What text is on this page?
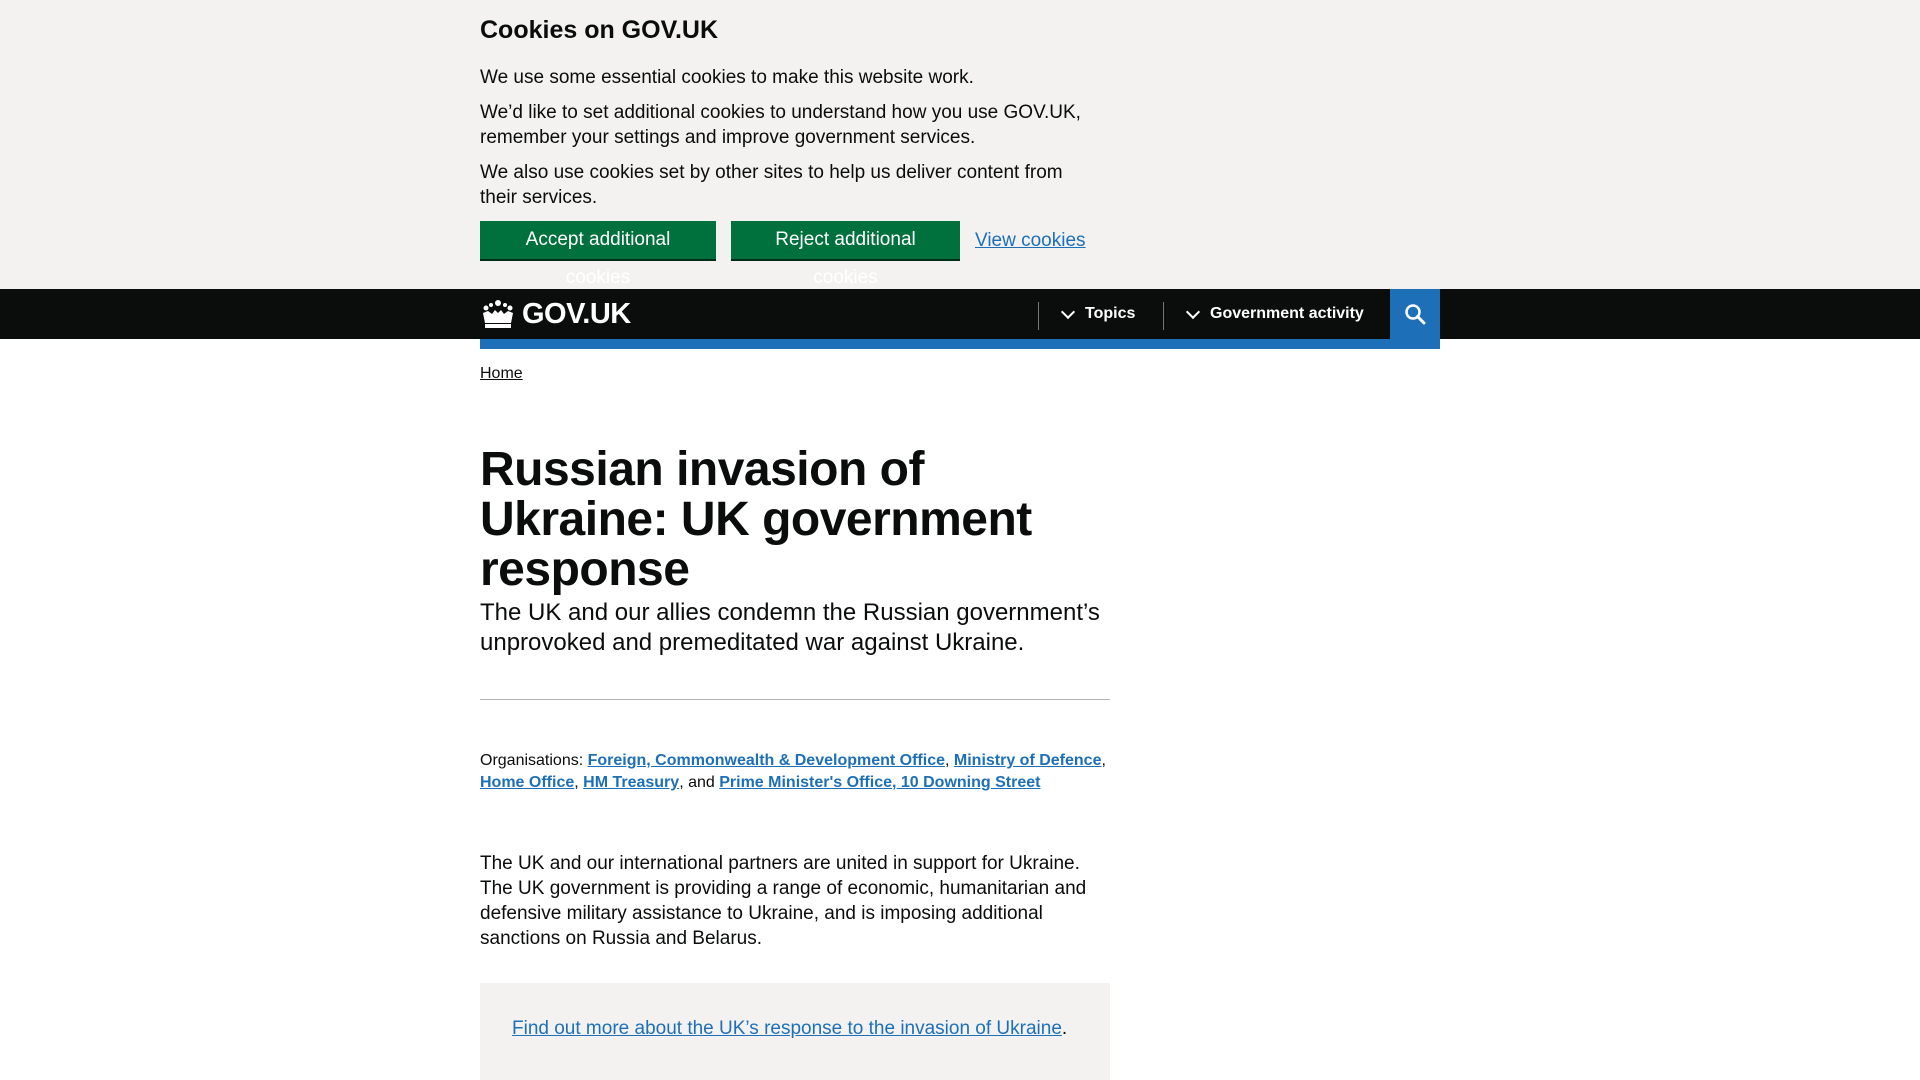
Cookies on GOV.UK

We use some essential cookies to make this website work.

We’d like to set additional cookies to understand how you use GOV.UK, remember your settings and improve government services.

We also use cookies set by other sites to help us deliver content from their services.

Accept additional cookies
Reject additional cookies
View cookies
GOV.UK	Topics	Government activity
Home
Russian invasion of Ukraine: UK government response

The UK and our allies condemn the Russian government’s unprovoked and premeditated war against Ukraine.

Organisations: Foreign, Commonwealth & Development Office, Ministry of Defence, Home Office, HM Treasury, and Prime Minister's Office, 10 Downing Street

The UK and our international partners are united in support for Ukraine. The UK government is providing a range of economic, humanitarian and defensive military assistance to Ukraine, and is imposing additional sanctions on Russia and Belarus.

Find out more about the UK’s response to the invasion of Ukraine.
